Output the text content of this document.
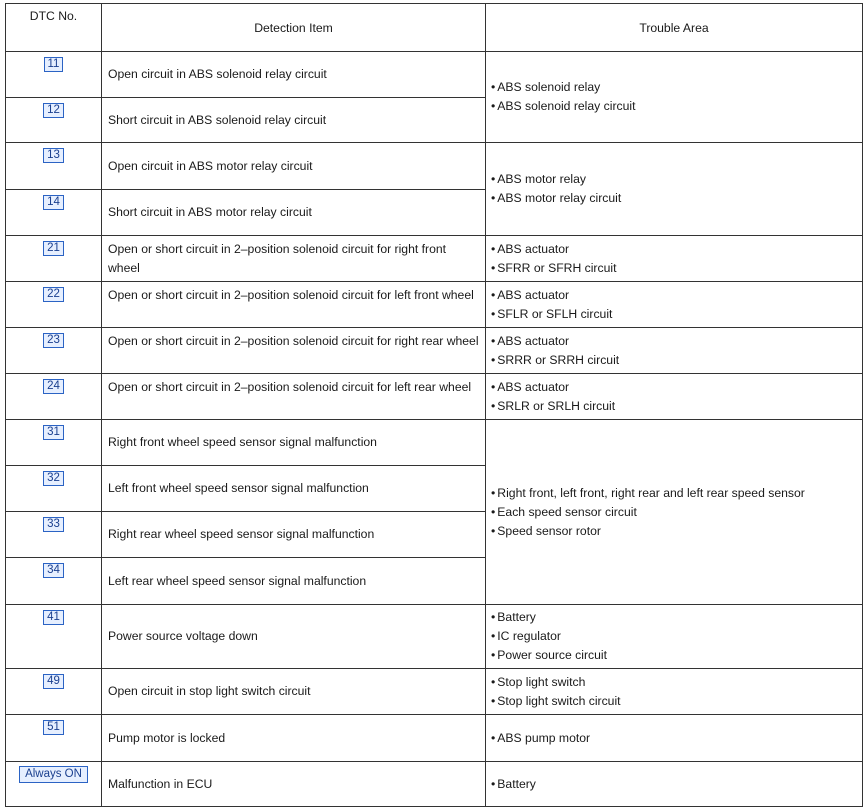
DTC No.	Detection Item	Trouble Area
11	Open circuit in ABS solenoid relay circuit	• ABS solenoid relay
• ABS solenoid relay circuit

12	Short circuit in ABS solenoid relay circuit	
13	Open circuit in ABS motor relay circuit	• ABS motor relay
• ABS motor relay circuit

14	Short circuit in ABS motor relay circuit	
21	Open or short circuit in 2–position solenoid circuit for right front wheel	• ABS actuator
• SFRR or SFRH circuit

22	Open or short circuit in 2–position solenoid circuit for left front wheel	• ABS actuator
• SFLR or SFLH circuit

23	Open or short circuit in 2–position solenoid circuit for right rear wheel	• ABS actuator
• SRRR or SRRH circuit

24	Open or short circuit in 2–position solenoid circuit for left rear wheel	• ABS actuator
• SRLR or SRLH circuit

31	Right front wheel speed sensor signal malfunction	• Right front, left front, right rear and left rear speed sensor
• Each speed sensor circuit
• Speed sensor rotor

32	Left front wheel speed sensor signal malfunction	
33	Right rear wheel speed sensor signal malfunction	
34	Left rear wheel speed sensor signal malfunction	
41	Power source voltage down	• Battery
• IC regulator
• Power source circuit

49	Open circuit in stop light switch circuit	• Stop light switch
• Stop light switch circuit

51	Pump motor is locked	• ABS pump motor

Always ON	Malfunction in ECU	• Battery
